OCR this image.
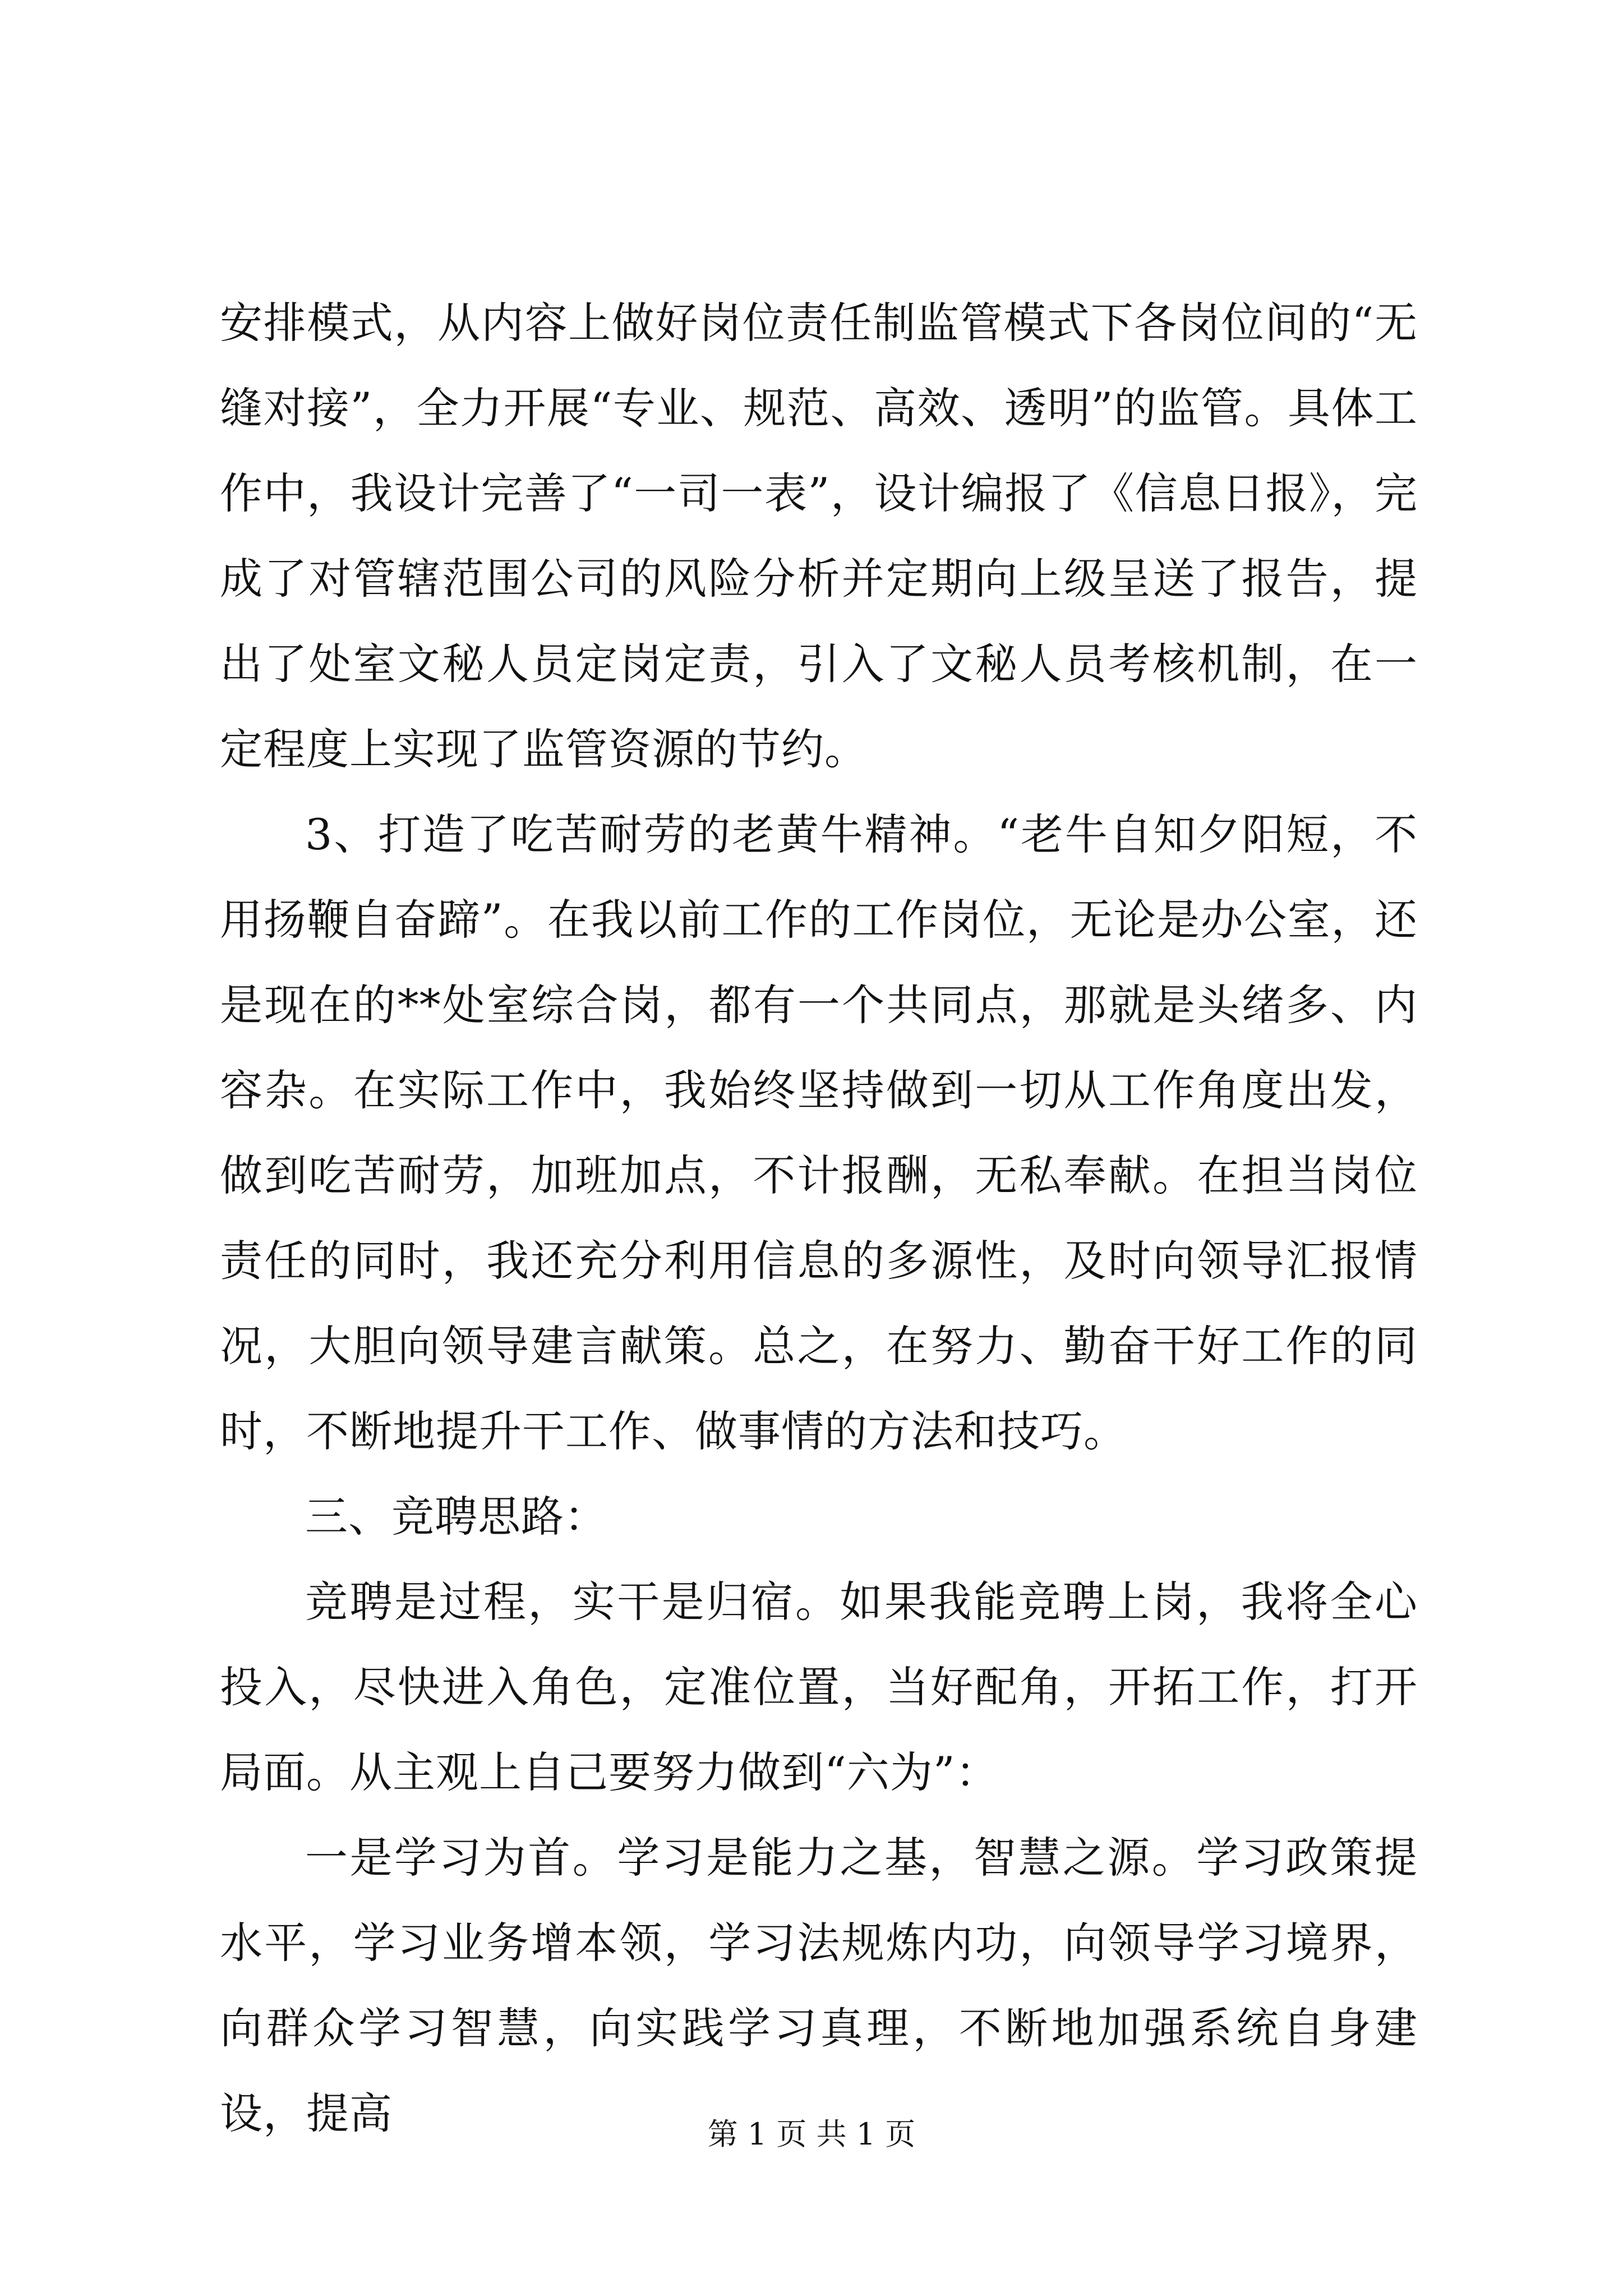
安排模式，从内容上做好岗位责任制监管模式下各岗位间的“无缝对接”，全力开展“专业、规范、高效、透明”的监管。具体工作中，我设计完善了“一司一表”，设计编报了《信息日报》，完成了对管辖范围公司的风险分析并定期向上级呈送了报告，提出了处室文秘人员定岗定责，引入了文秘人员考核机制，在一定程度上实现了监管资源的节约。

3、打造了吃苦耐劳的老黄牛精神。“老牛自知夕阳短，不用扬鞭自奋蹄”。在我以前工作的工作岗位，无论是办公室，还是现在的**处室综合岗，都有一个共同点，那就是头绪多、内容杂。在实际工作中，我始终坚持做到一切从工作角度出发，做到吃苦耐劳，加班加点，不计报酬，无私奉献。在担当岗位责任的同时，我还充分利用信息的多源性，及时向领导汇报情况，大胆向领导建言献策。总之，在努力、勤奋干好工作的同时，不断地提升干工作、做事情的方法和技巧。

三、竞聘思路：

竞聘是过程，实干是归宿。如果我能竞聘上岗，我将全心投入，尽快进入角色，定准位置，当好配角，开拓工作，打开局面。从主观上自己要努力做到“六为”：

一是学习为首。学习是能力之基，智慧之源。学习政策提水平，学习业务增本领，学习法规炼内功，向领导学习境界，向群众学习智慧，向实践学习真理，不断地加强系统自身建设，提高	第 1 页 共 1 页
